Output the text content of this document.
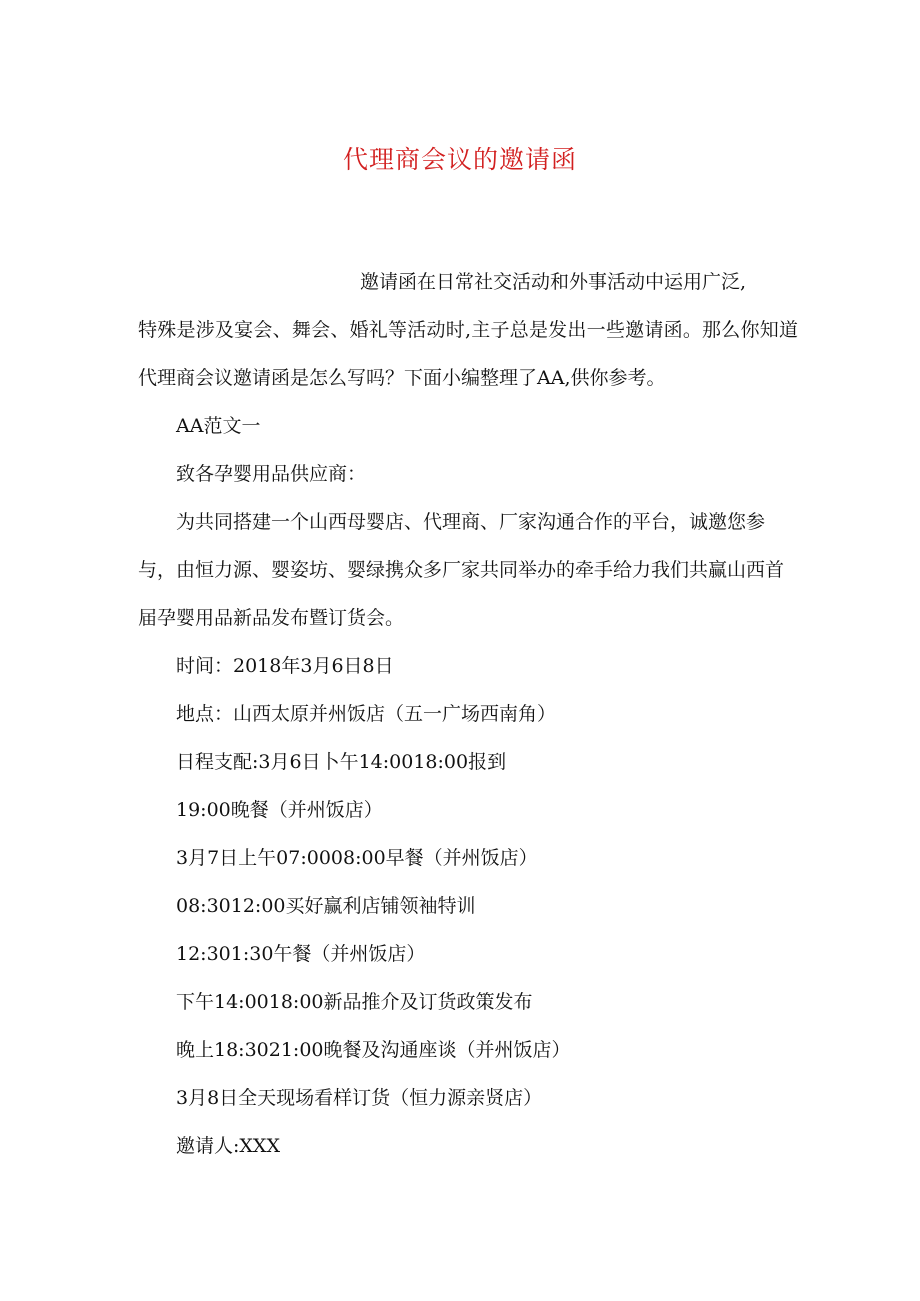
代理商会议的邀请函

邀请函在日常社交活动和外事活动中运用广泛,
特殊是涉及宴会、舞会、婚礼等活动时,主子总是发出一些邀请函。那么你知道代理商会议邀请函是怎么写吗？下面小编整理了AA,供你参考。

AA范文一

致各孕婴用品供应商：

为共同搭建一个山西母婴店、代理商、厂家沟通合作的平台，诚邀您参与，由恒力源、婴姿坊、婴绿携众多厂家共同举办的牵手给力我们共赢山西首届孕婴用品新品发布暨订货会。

时间：2018年3月6日8日

地点：山西太原并州饭店（五一广场西南角）

日程支配:3月6日卜午14:0018:00报到

19:00晚餐（并州饭店）

3月7日上午07:0008:00早餐（并州饭店）

08:3012:00买好赢利店铺领袖特训

12:301:30午餐（并州饭店）

下午14:0018:00新品推介及订货政策发布

晚上18:3021:00晚餐及沟通座谈（并州饭店）

3月8日全天现场看样订货（恒力源亲贤店）

邀请人:XXX
